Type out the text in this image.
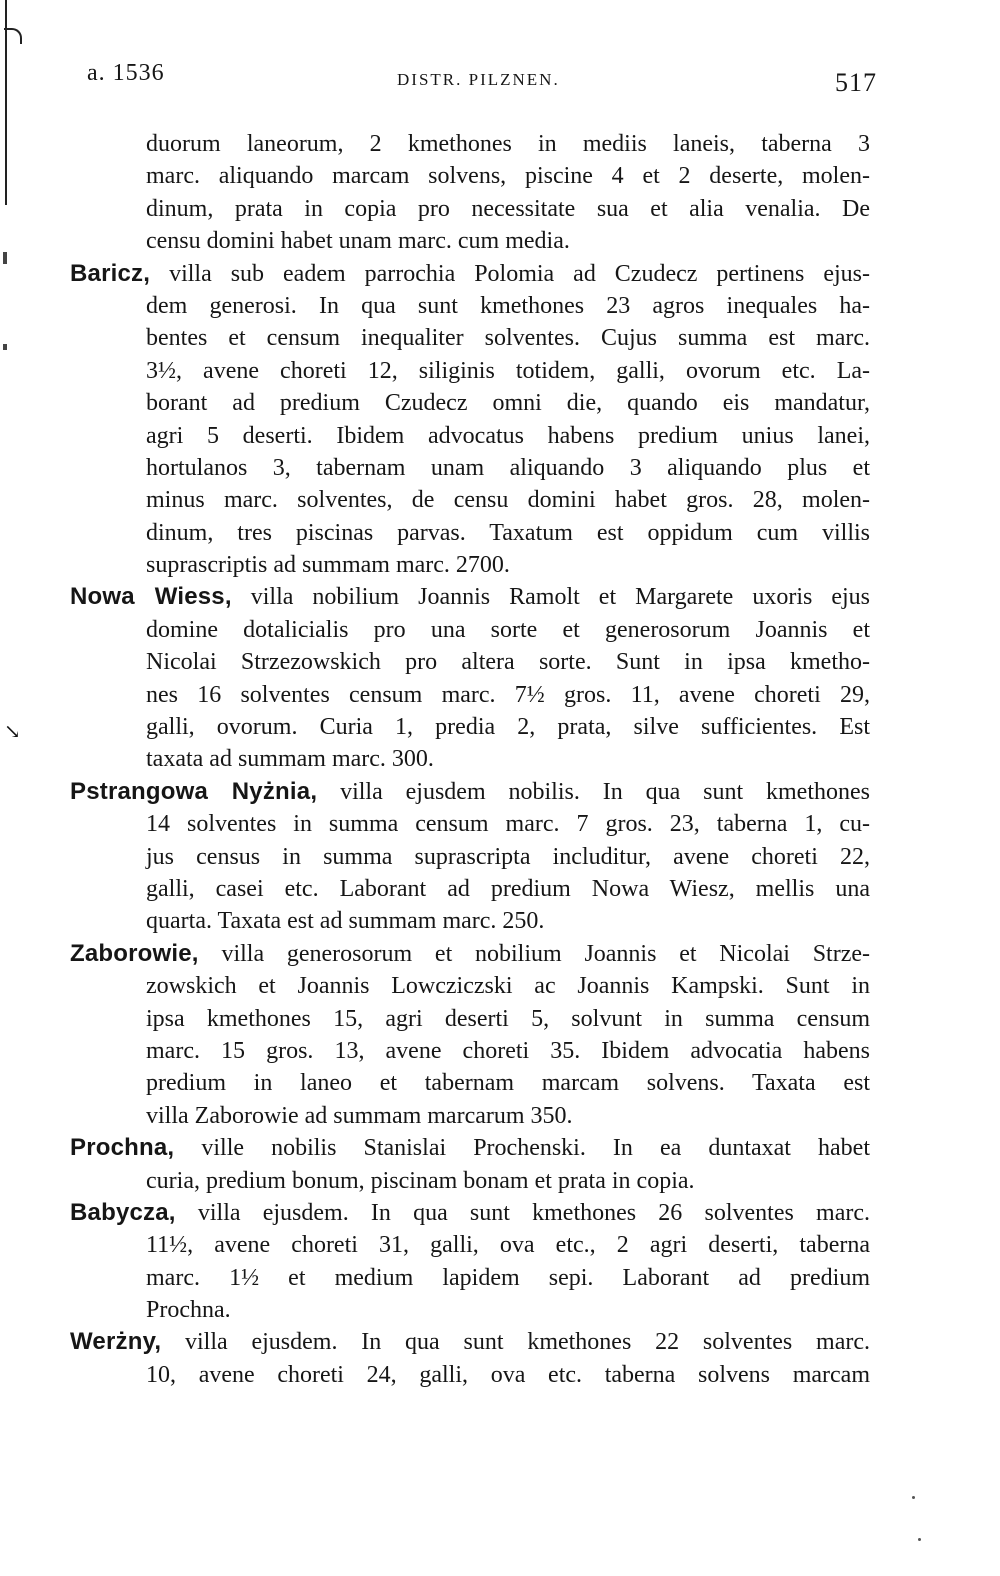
↘
a. 1536	DISTR. PILZNEN.	517
duorum laneorum, 2 kmethones in mediis laneis, taberna 3
marc. aliquando marcam solvens, piscine 4 et 2 deserte, molen-
dinum, prata in copia pro necessitate sua et alia venalia. De
censu domini habet unam marc. cum media.
Baricz, villa sub eadem parrochia Polomia ad Czudecz pertinens ejus-
dem generosi. In qua sunt kmethones 23 agros inequales ha-
bentes et censum inequaliter solventes. Cujus summa est marc.
3½, avene choreti 12, siliginis totidem, galli, ovorum etc. La-
borant ad predium Czudecz omni die, quando eis mandatur,
agri 5 deserti. Ibidem advocatus habens predium unius lanei,
hortulanos 3, tabernam unam aliquando 3 aliquando plus et
minus marc. solventes, de censu domini habet gros. 28, molen-
dinum, tres piscinas parvas. Taxatum est oppidum cum villis
suprascriptis ad summam marc. 2700.
Nowa Wiess, villa nobilium Joannis Ramolt et Margarete uxoris ejus
domine dotalicialis pro una sorte et generosorum Joannis et
Nicolai Strzezowskich pro altera sorte. Sunt in ipsa kmetho-
nes 16 solventes censum marc. 7½ gros. 11, avene choreti 29,
galli, ovorum. Curia 1, predia 2, prata, silve sufficientes. Est
taxata ad summam marc. 300.
Pstrangowa Nyżnia, villa ejusdem nobilis. In qua sunt kmethones
14 solventes in summa censum marc. 7 gros. 23, taberna 1, cu-
jus census in summa suprascripta includitur, avene choreti 22,
galli, casei etc. Laborant ad predium Nowa Wiesz, mellis una
quarta. Taxata est ad summam marc. 250.
Zaborowie, villa generosorum et nobilium Joannis et Nicolai Strze-
zowskich et Joannis Lowcziczski ac Joannis Kampski. Sunt in
ipsa kmethones 15, agri deserti 5, solvunt in summa censum
marc. 15 gros. 13, avene choreti 35. Ibidem advocatia habens
predium in laneo et tabernam marcam solvens. Taxata est
villa Zaborowie ad summam marcarum 350.
Prochna, ville nobilis Stanislai Prochenski. In ea duntaxat habet
curia, predium bonum, piscinam bonam et prata in copia.
Babycza, villa ejusdem. In qua sunt kmethones 26 solventes marc.
11½, avene choreti 31, galli, ova etc., 2 agri deserti, taberna
marc. 1½ et medium lapidem sepi. Laborant ad predium
Prochna.
Werżny, villa ejusdem. In qua sunt kmethones 22 solventes marc.
10, avene choreti 24, galli, ova etc. taberna solvens marcam
